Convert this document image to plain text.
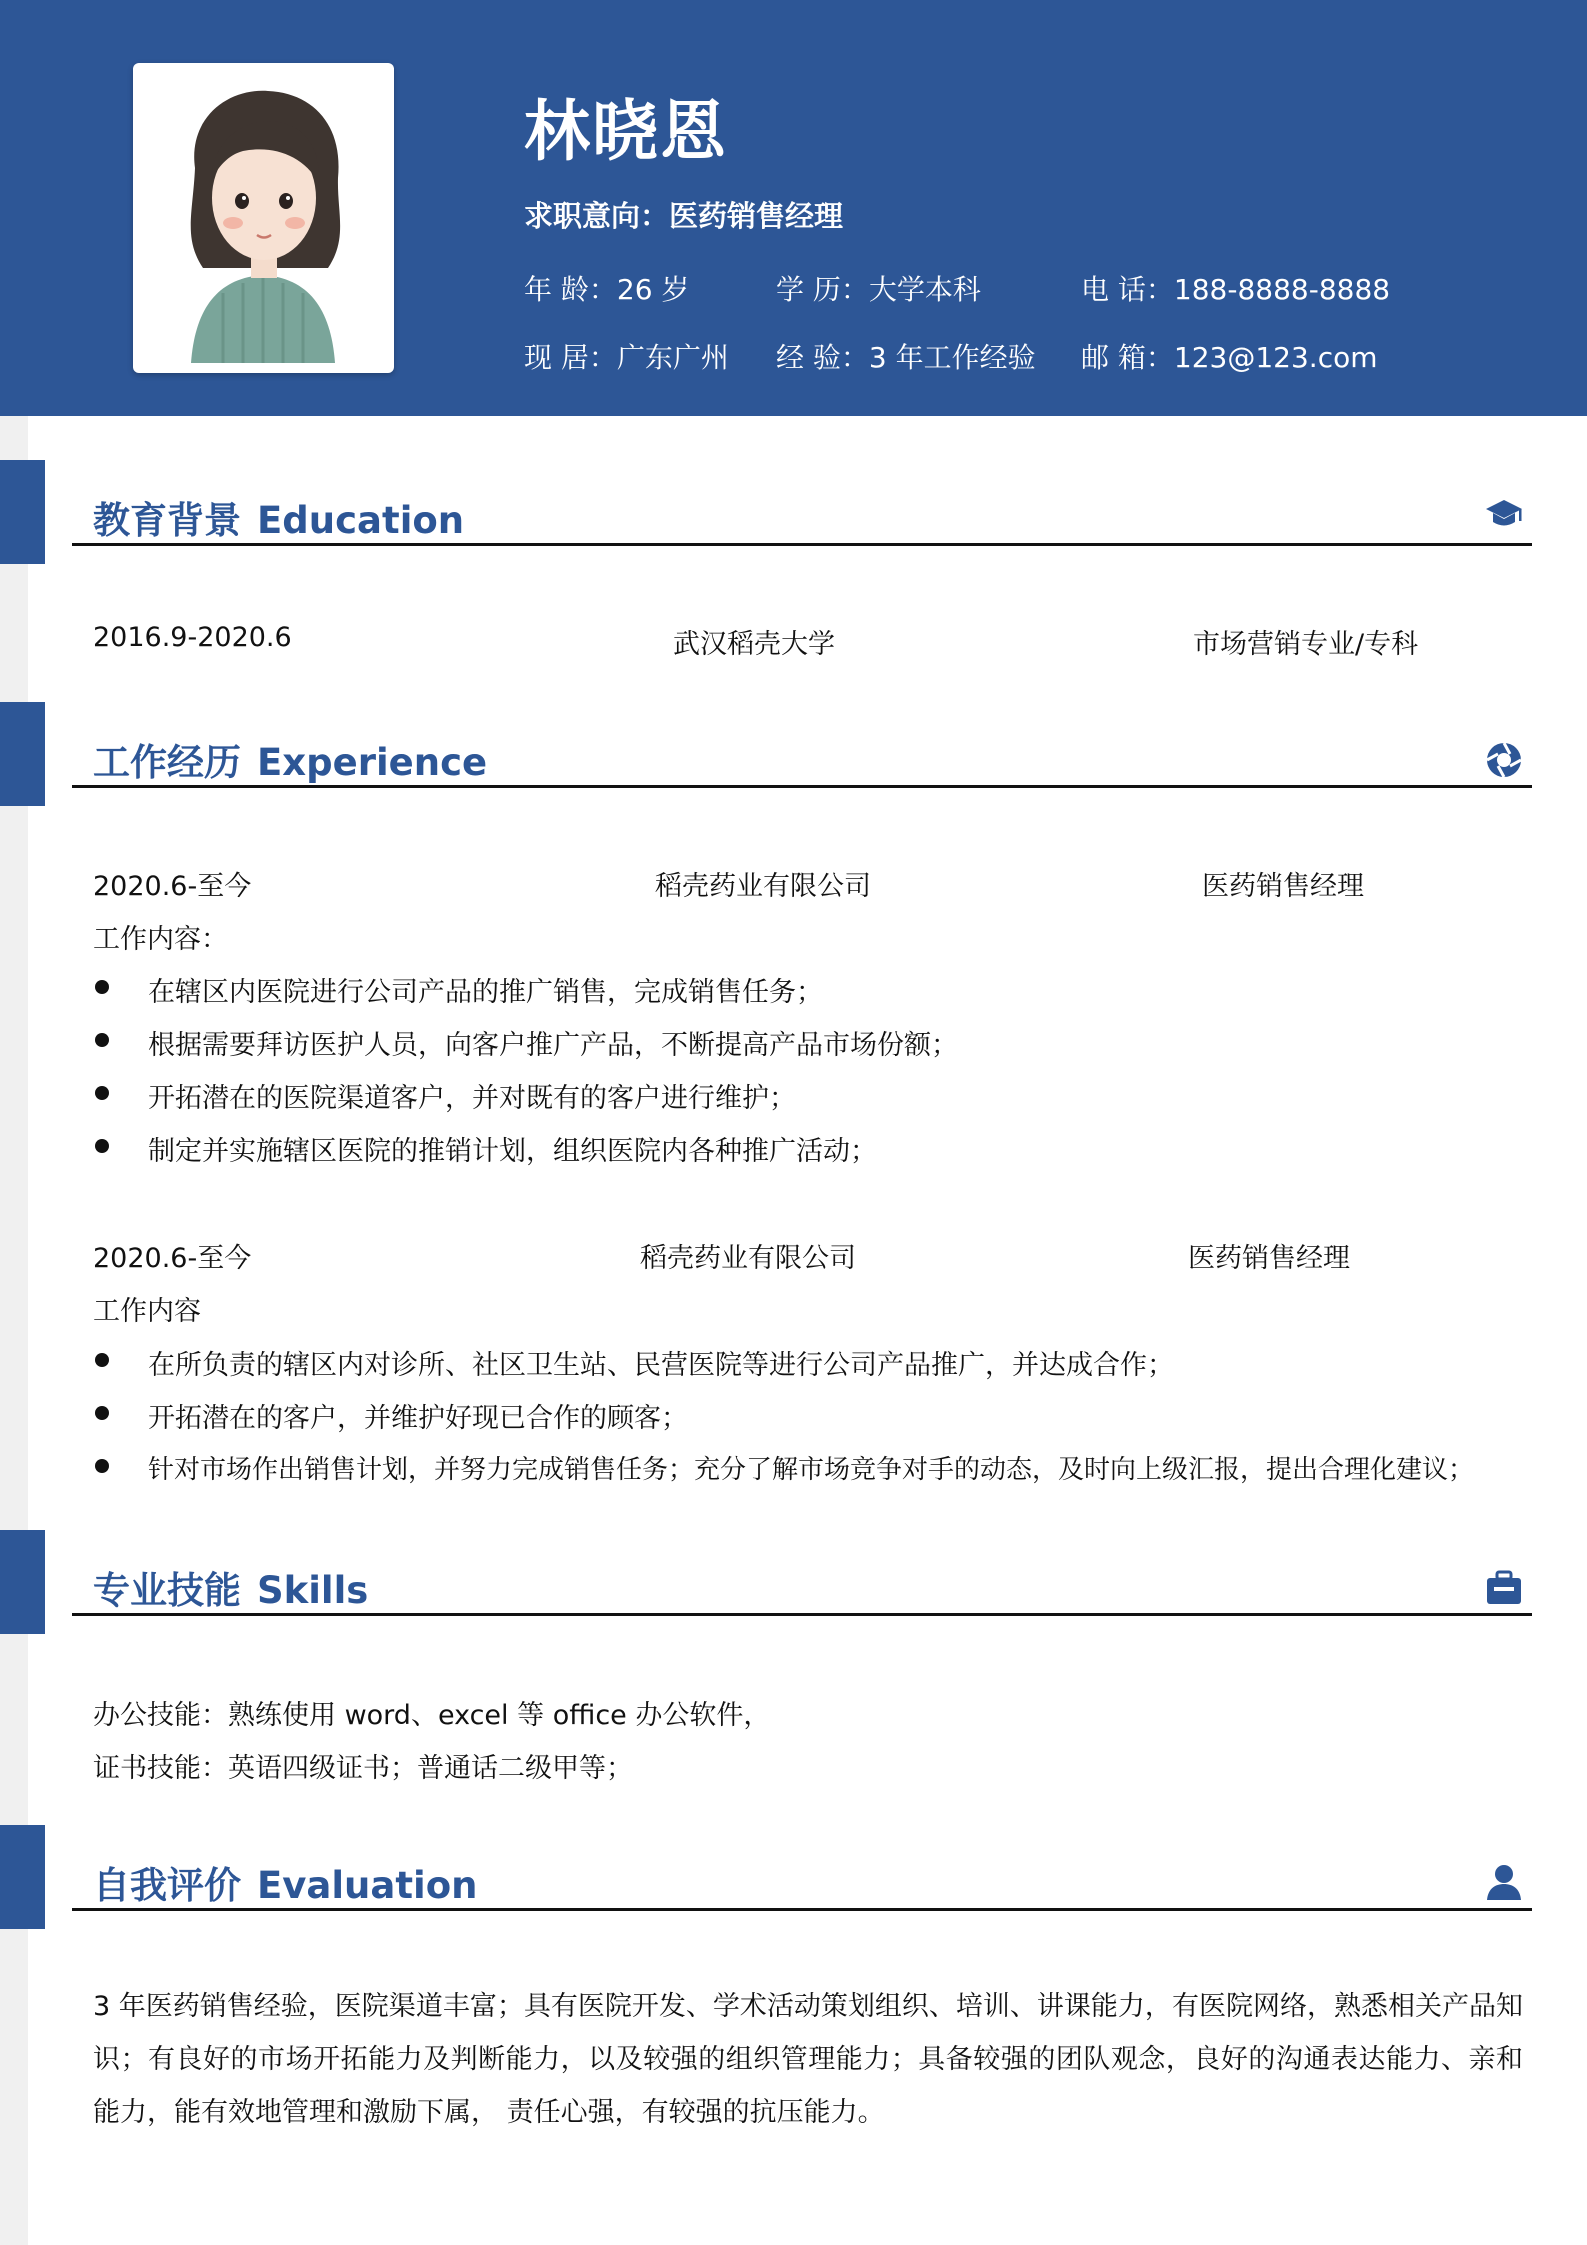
林晓恩
求职意向：医药销售经理
年 龄：26 岁	学 历：大学本科	电 话：188-8888-8888
现 居：广东广州 经 验：3 年工作经验 邮 箱：123@123.com
教育背景 Education
2016.9-2020.6	武汉稻壳大学	市场营销专业/专科
工作经历 Experience
2020.6-至今	稻壳药业有限公司	医药销售经理
工作内容：
在辖区内医院进行公司产品的推广销售，完成销售任务；
根据需要拜访医护人员，向客户推广产品，不断提高产品市场份额；
开拓潜在的医院渠道客户，并对既有的客户进行维护；
制定并实施辖区医院的推销计划，组织医院内各种推广活动；
2020.6-至今	稻壳药业有限公司	医药销售经理
工作内容
在所负责的辖区内对诊所、社区卫生站、民营医院等进行公司产品推广，并达成合作；
开拓潜在的客户，并维护好现已合作的顾客；
针对市场作出销售计划，并努力完成销售任务；充分了解市场竞争对手的动态，及时向上级汇报，提出合理化建议；
专业技能 Skills
办公技能：熟练使用 word、excel 等 office 办公软件，
证书技能：英语四级证书；普通话二级甲等；
自我评价 Evaluation
3 年医药销售经验，医院渠道丰富；具有医院开发、学术活动策划组织、培训、讲课能力，有医院网络，熟悉相关产品知识；有良好的市场开拓能力及判断能力，以及较强的组织管理能力；具备较强的团队观念，良好的沟通表达能力、亲和能力，能有效地管理和激励下属， 责任心强，有较强的抗压能力。
